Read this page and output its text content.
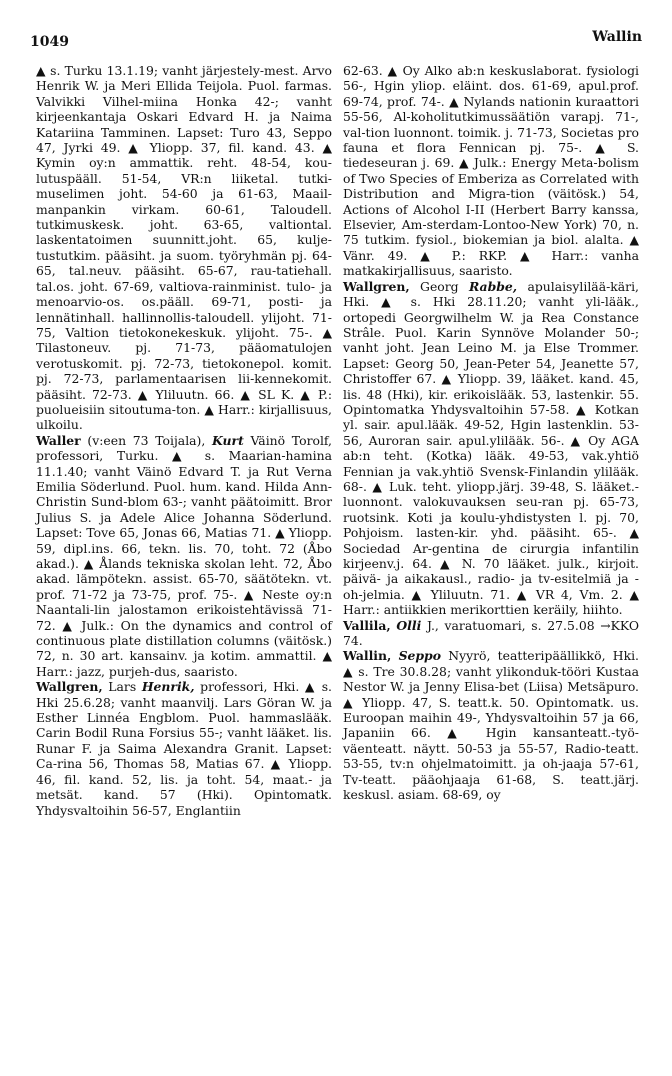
1049	Wallin

▲ s. Turku 13.1.19; vanht järjestely-mest. Arvo Henrik W. ja Meri Ellida Teijola. Puol. farmas. Valvikki Vilhel-miina Honka 42-; vanht kirjeenkantaja Oskari Edvard H. ja Naima Katariina Tamminen. Lapset: Turo 43, Seppo 47, Jyrki 49. ▲ Yliopp. 37, fil. kand. 43. ▲ Kymin oy:n ammattik. reht. 48-54, kou-lutuspääll. 51-54, VR:n liiketal. tutki-muselimen joht. 54-60 ja 61-63, Maail-manpankin virkam. 60-61, Taloudell. tutkimuskesk. joht. 63-65, valtiontal. laskentatoimen suunnitt.joht. 65, kulje-tustutkim. pääsiht. ja suom. työryhmän pj. 64-65, tal.neuv. pääsiht. 65-67, rau-tatiehall. tal.os. joht. 67-69, valtiova-rainminist. tulo- ja menoarvio-os. os.pääll. 69-71, posti- ja lennätinhall. hallinnollis-taloudell. ylijoht. 71-75, Valtion tietokonekeskuk. ylijoht. 75-. ▲ Tilastoneuv. pj. 71-73, pääomatulojen verotuskomit. pj. 72-73, tietokonepol. komit. pj. 72-73, parlamentaarisen lii-kennekomit. pääsiht. 72-73. ▲ Yliluutn. 66. ▲ SL K. ▲ P.: puolueisiin sitoutuma-ton. ▲ Harr.: kirjallisuus, ulkoilu.

Waller (v:een 73 Toijala), Kurt Väinö Torolf, professori, Turku. ▲ s. Maarian-hamina 11.1.40; vanht Väinö Edvard T. ja Rut Verna Emilia Söderlund. Puol. hum. kand. Hilda Ann-Christin Sund-blom 63-; vanht päätoimitt. Bror Julius S. ja Adele Alice Johanna Söderlund. Lapset: Tove 65, Jonas 66, Matias 71. ▲ Yliopp. 59, dipl.ins. 66, tekn. lis. 70, toht. 72 (Åbo akad.). ▲ Ålands tekniska skolan leht. 72, Åbo akad. lämpötekn. assist. 65-70, säätötekn. vt. prof. 71-72 ja 73-75, prof. 75-. ▲ Neste oy:n Naantali-lin jalostamon erikoistehtävissä 71-72. ▲ Julk.: On the dynamics and control of continuous plate distillation columns (väitösk.) 72, n. 30 art. kansainv. ja kotim. ammattil. ▲ Harr.: jazz, purjeh-dus, saaristo.

Wallgren, Lars Henrik, professori, Hki. ▲ s. Hki 25.6.28; vanht maanvilj. Lars Göran W. ja Esther Linnéa Engblom. Puol. hammaslääk. Carin Bodil Runa Forsius 55-; vanht lääket. lis. Runar F. ja Saima Alexandra Granit. Lapset: Ca-rina 56, Thomas 58, Matias 67. ▲ Yliopp. 46, fil. kand. 52, lis. ja toht. 54, maat.- ja metsät. kand. 57 (Hki). Opintomatk. Yhdysvaltoihin 56-57, Englantiin

62-63. ▲ Oy Alko ab:n keskuslaborat. fysiologi 56-, Hgin yliop. eläint. dos. 61-69, apul.prof. 69-74, prof. 74-. ▲ Nylands nationin kuraattori 55-56, Al-koholitutkimussäätiön varapj. 71-, val-tion luonnont. toimik. j. 71-73, Societas pro fauna et flora Fennican pj. 75-. ▲ S. tiedeseuran j. 69. ▲ Julk.: Energy Meta-bolism of Two Species of Emberiza as Correlated with Distribution and Migra-tion (väitösk.) 54, Actions of Alcohol I-II (Herbert Barry kanssa, Elsevier, Am-sterdam-Lontoo-New York) 70, n. 75 tutkim. fysiol., biokemian ja biol. alalta. ▲ Vänr. 49. ▲ P.: RKP. ▲ Harr.: vanha matkakirjallisuus, saaristo.

Wallgren, Georg Rabbe, apulaisylilää-käri, Hki. ▲ s. Hki 28.11.20; vanht yli-lääk., ortopedi Georgwilhelm W. ja Rea Constance Strâle. Puol. Karin Synnöve Molander 50-; vanht joht. Jean Leino M. ja Else Trommer. Lapset: Georg 50, Jean-Peter 54, Jeanette 57, Christoffer 67. ▲ Yliopp. 39, lääket. kand. 45, lis. 48 (Hki), kir. erikoislääk. 53, lastenkir. 55. Opintomatka Yhdysvaltoihin 57-58. ▲ Kotkan yl. sair. apul.lääk. 49-52, Hgin lastenklin. 53-56, Auroran sair. apul.ylilääk. 56-. ▲ Oy AGA ab:n teht. (Kotka) lääk. 49-53, vak.yhtiö Fennian ja vak.yhtiö Svensk-Finlandin ylilääk. 68-. ▲ Luk. teht. yliopp.järj. 39-48, S. lääket.-luonnont. valokuvauksen seu-ran pj. 65-73, ruotsink. Koti ja koulu-yhdistysten l. pj. 70, Pohjoism. lasten-kir. yhd. pääsiht. 65-. ▲ Sociedad Ar-gentina de cirurgia infantilin kirjeenv.j. 64. ▲ N. 70 lääket. julk., kirjoit. päivä- ja aikakausl., radio- ja tv-esitelmiä ja -oh-jelmia. ▲ Yliluutn. 71. ▲ VR 4, Vm. 2. ▲ Harr.: antiikkien merikorttien keräily, hiihto.

Vallila, Olli J., varatuomari, s. 27.5.08 →KKO 74.

Wallin, Seppo Nyyrö, teatteripäällikkö, Hki. ▲ s. Tre 30.8.28; vanht ylikonduk-tööri Kustaa Nestor W. ja Jenny Elisa-bet (Liisa) Metsäpuro. ▲ Yliopp. 47, S. teatt.k. 50. Opintomatk. us. Euroopan maihin 49-, Yhdysvaltoihin 57 ja 66, Japaniin 66. ▲ Hgin kansanteatt.-työ-väenteatt. näytt. 50-53 ja 55-57, Radio-teatt. 53-55, tv:n ohjelmatoimitt. ja oh-jaaja 57-61, Tv-teatt. pääohjaaja 61-68, S. teatt.järj. keskusl. asiam. 68-69, oy
